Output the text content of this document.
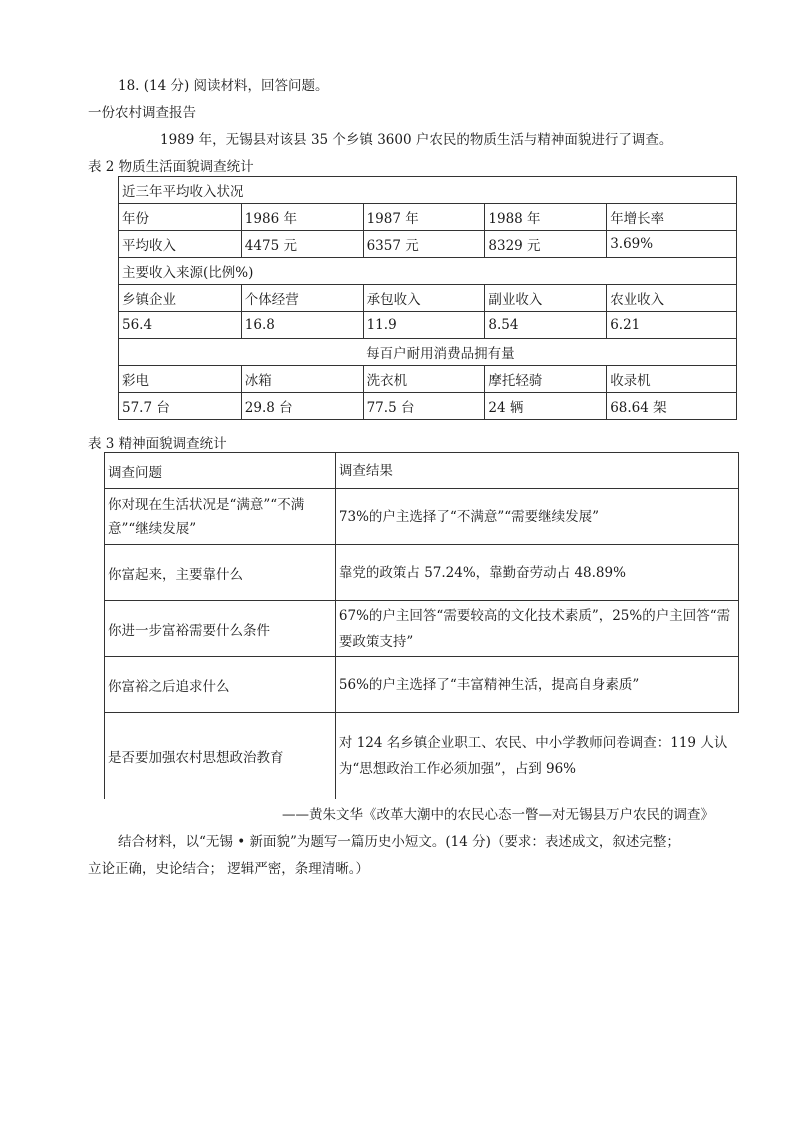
18. (14 分) 阅读材料，回答问题。
一份农村调查报告
1989 年，无锡县对该县 35 个乡镇 3600 户农民的物质生活与精神面貌进行了调查。
表 2 物质生活面貌调查统计
近三年平均收入状况				
年份	1986 年	1987 年	1988 年	年增长率
平均收入	4475 元	6357 元	8329 元	3.69%
主要收入来源(比例%)				
乡镇企业	个体经营	承包收入	副业收入	农业收入
56.4	16.8	11.9	8.54	6.21
		每百户耐用消费品拥有量		
彩电	冰箱	洗衣机	摩托轻骑	收录机
57.7 台	29.8 台	77.5 台	24 辆	68.64 架
表 3 精神面貌调查统计
调查问题	调查结果
你对现在生活状况是“满意”“不满意”“继续发展”	73%的户主选择了“不满意”“需要继续发展”
你富起来，主要靠什么	靠党的政策占 57.24%，靠勤奋劳动占 48.89%
你进一步富裕需要什么条件	67%的户主回答“需要较高的文化技术素质”，25%的户主回答“需要政策支持”
你富裕之后追求什么	56%的户主选择了“丰富精神生活，提高自身素质”
是否要加强农村思想政治教育	对 124 名乡镇企业职工、农民、中小学教师问卷调查：119 人认为“思想政治工作必须加强”，占到 96%
——黄朱文华《改革大潮中的农民心态一瞥—对无锡县万户农民的调查》
结合材料，以“无锡 • 新面貌”为题写一篇历史小短文。(14 分)（要求：表述成文，叙述完整；
立论正确，史论结合； 逻辑严密，条理清晰。）
